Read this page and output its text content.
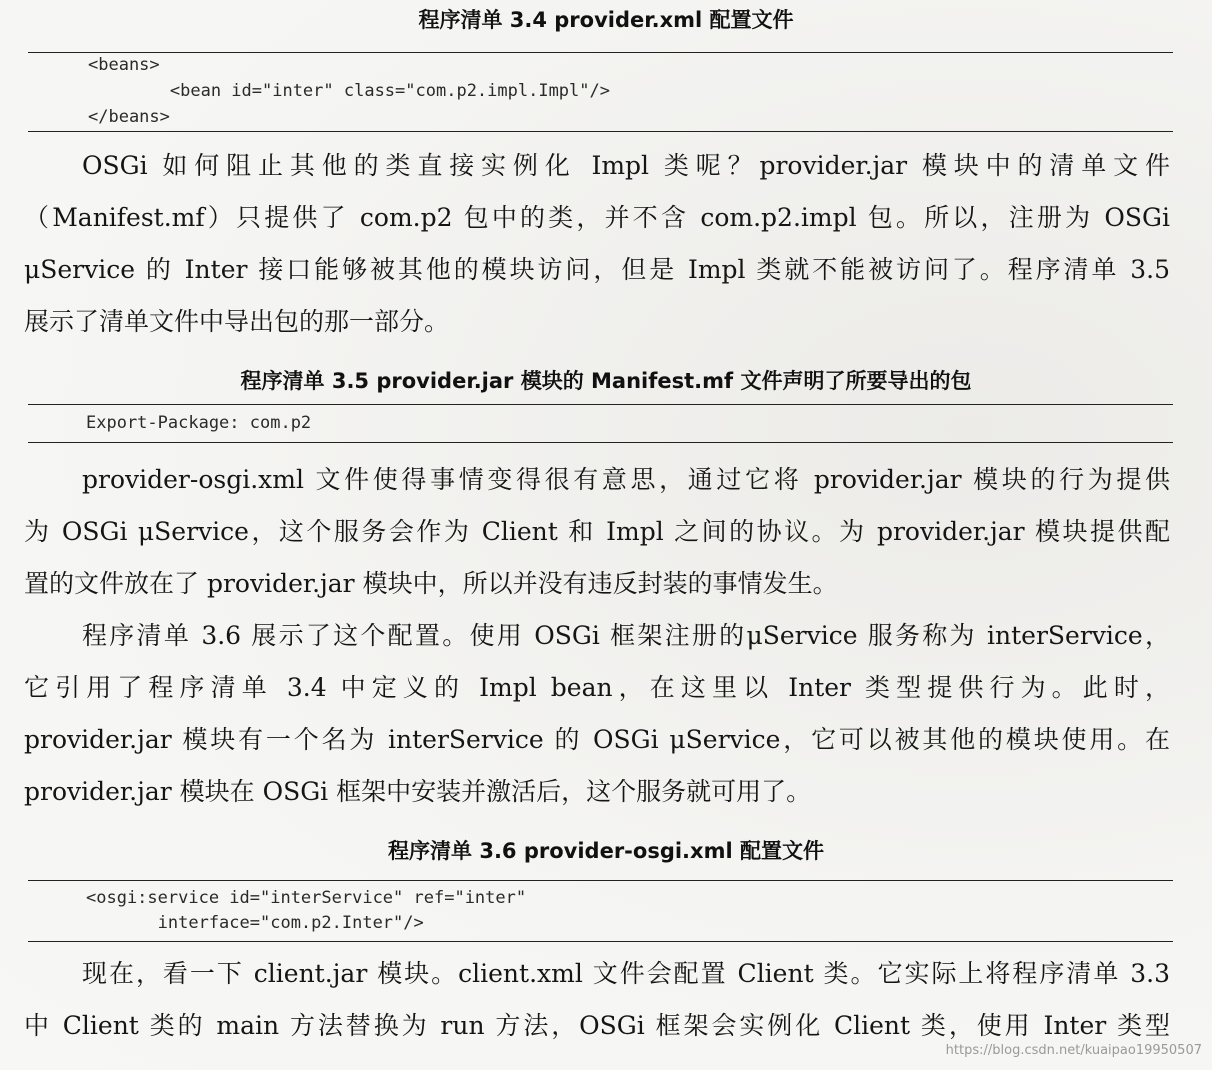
程序清单 3.4 provider.xml 配置文件
<beans>
<bean id="inter" class="com.p2.impl.Impl"/>
</beans>
OSGi 如何阻止其他的类直接实例化 Impl 类呢？provider.jar 模块中的清单文件
（Manifest.mf）只提供了 com.p2 包中的类，并不含 com.p2.impl 包。所以，注册为 OSGi
μService 的 Inter 接口能够被其他的模块访问，但是 Impl 类就不能被访问了。程序清单 3.5
展示了清单文件中导出包的那一部分。
程序清单 3.5 provider.jar 模块的 Manifest.mf 文件声明了所要导出的包
Export-Package: com.p2
provider-osgi.xml 文件使得事情变得很有意思，通过它将 provider.jar 模块的行为提供
为 OSGi μService，这个服务会作为 Client 和 Impl 之间的协议。为 provider.jar 模块提供配
置的文件放在了 provider.jar 模块中，所以并没有违反封装的事情发生。
程序清单 3.6 展示了这个配置。使用 OSGi 框架注册的μService 服务称为 interService，
它引用了程序清单 3.4 中定义的 Impl bean，在这里以 Inter 类型提供行为。此时，
provider.jar 模块有一个名为 interService 的 OSGi μService，它可以被其他的模块使用。在
provider.jar 模块在 OSGi 框架中安装并激活后，这个服务就可用了。
程序清单 3.6 provider-osgi.xml 配置文件
<osgi:service id="interService" ref="inter"
interface="com.p2.Inter"/>
现在，看一下 client.jar 模块。client.xml 文件会配置 Client 类。它实际上将程序清单 3.3
中 Client 类的 main 方法替换为 run 方法，OSGi 框架会实例化 Client 类，使用 Inter 类型
https://blog.csdn.net/kuaipao19950507
